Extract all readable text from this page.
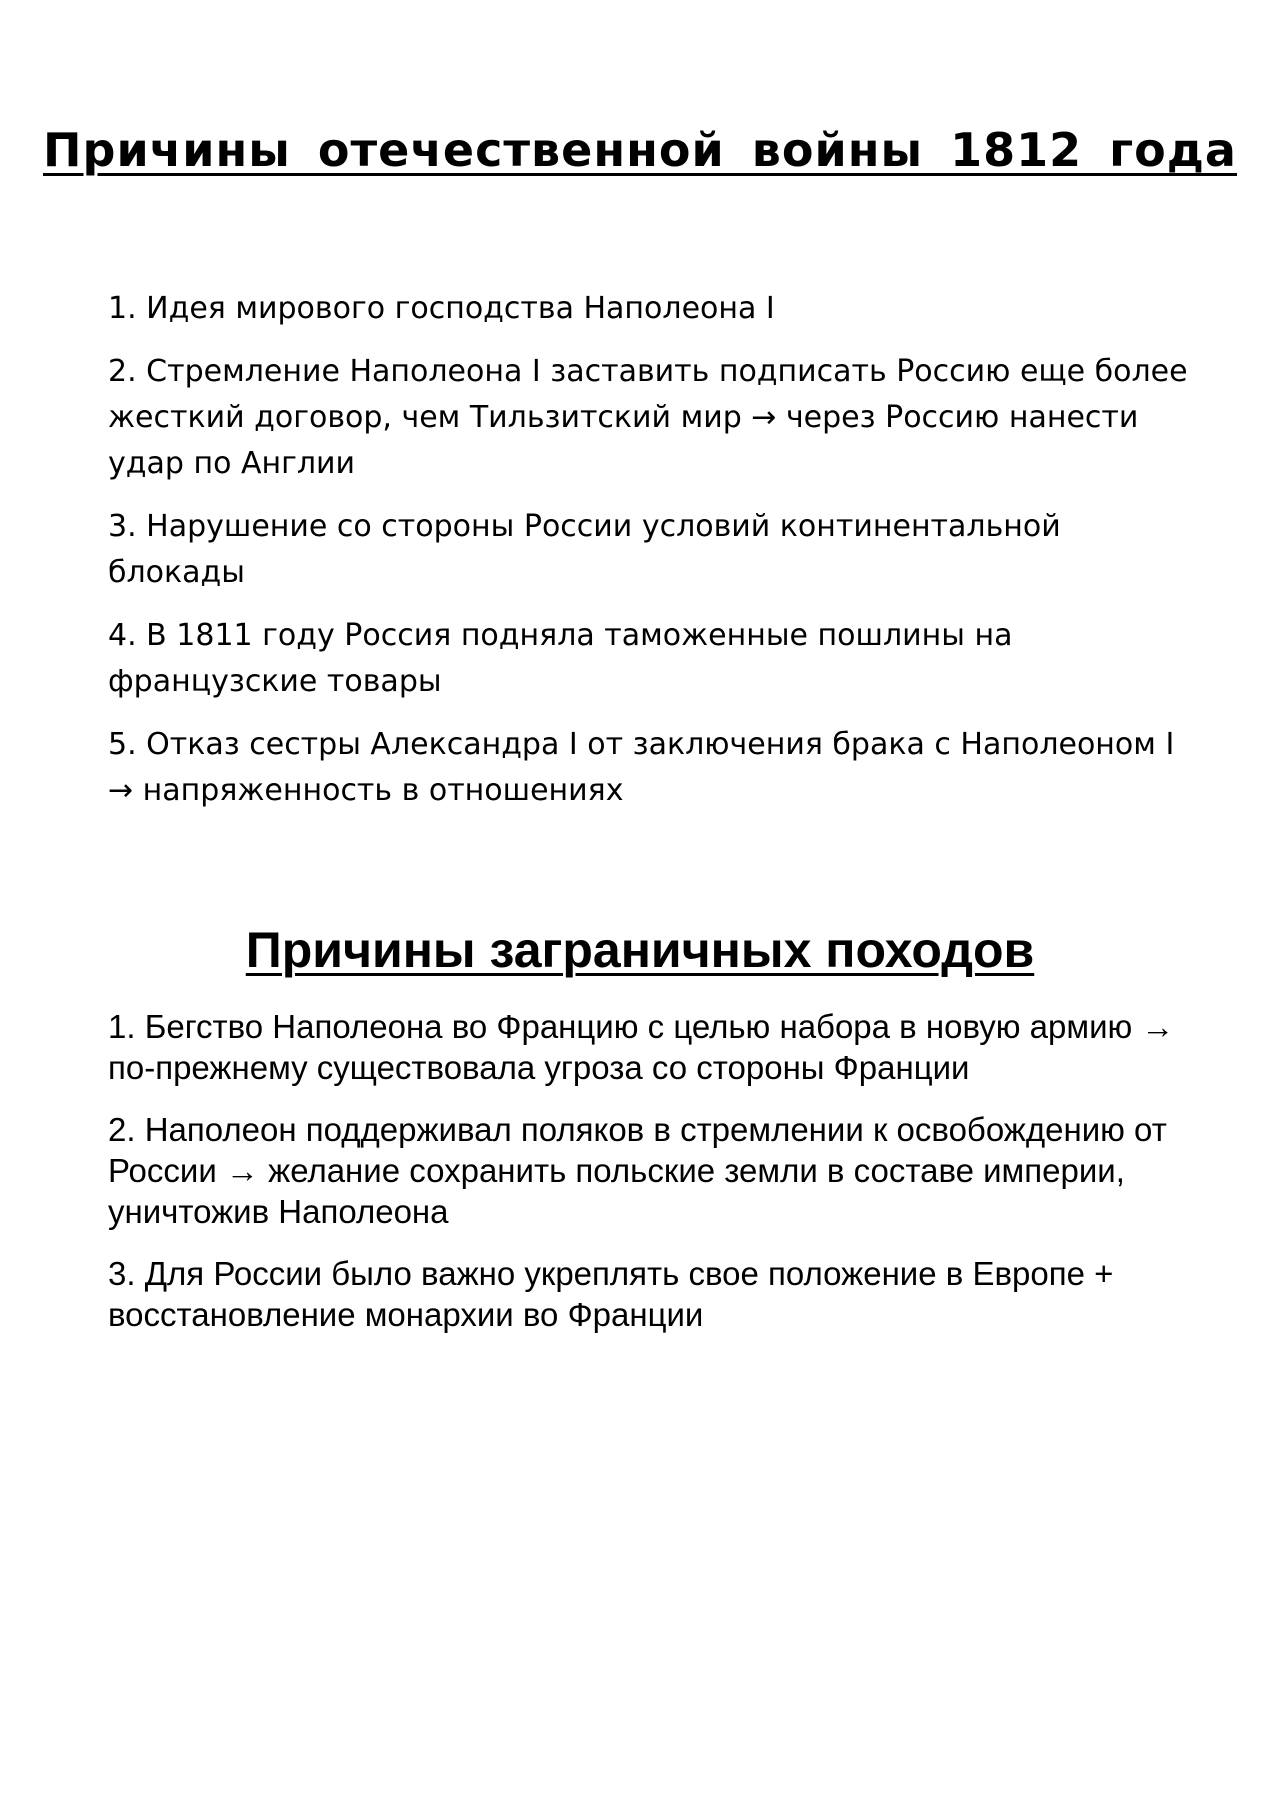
Причины отечественной войны 1812 года
1. Идея мирового господства Наполеона I
2. Стремление Наполеона I заставить подписать Россию еще более жесткий договор, чем Тильзитский мир → через Россию нанести удар по Англии
3. Нарушение со стороны России условий континентальной блокады
4. В 1811 году Россия подняла таможенные пошлины на французские товары
5. Отказ сестры Александра I от заключения брака с Наполеоном I → напряженность в отношениях
Причины заграничных походов
1. Бегство Наполеона во Францию с целью набора в новую армию → по-прежнему существовала угроза со стороны Франции
2. Наполеон поддерживал поляков в стремлении к освобождению от России → желание сохранить польские земли в составе империи, уничтожив Наполеона
3. Для России было важно укреплять свое положение в Европе + восстановление монархии во Франции
